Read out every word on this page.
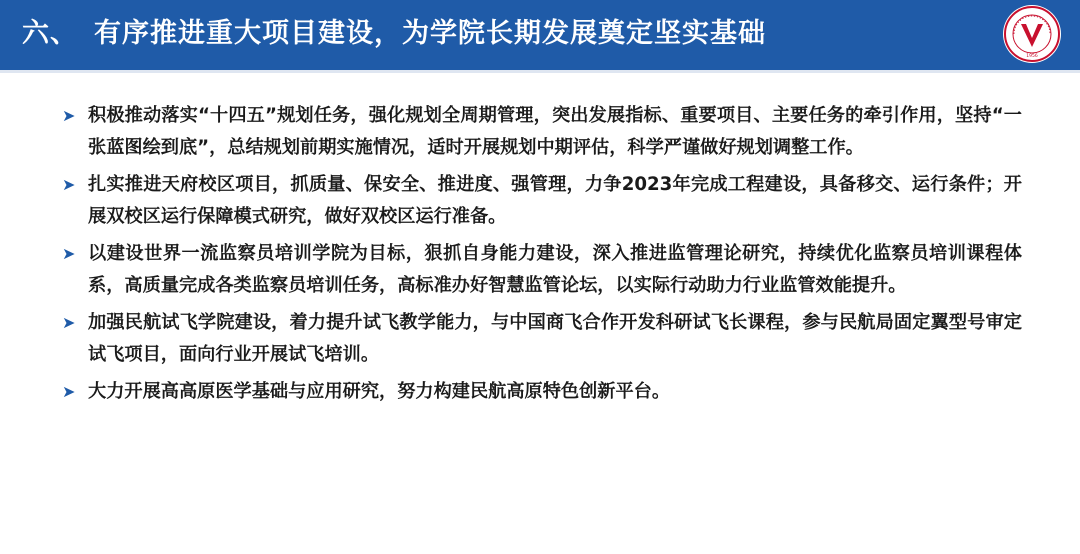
六、 有序推进重大项目建设，为学院长期发展奠定坚实基础
1956
➤ 积极推动落实“十四五”规划任务，强化规划全周期管理，突出发展指标、重要项目、主要任务的牵引作用，坚持“一张蓝图绘到底”，总结规划前期实施情况，适时开展规划中期评估，科学严谨做好规划调整工作。
➤ 扎实推进天府校区项目，抓质量、保安全、推进度、强管理，力争2023年完成工程建设，具备移交、运行条件；开展双校区运行保障模式研究，做好双校区运行准备。
➤ 以建设世界一流监察员培训学院为目标，狠抓自身能力建设，深入推进监管理论研究，持续优化监察员培训课程体系，高质量完成各类监察员培训任务，高标准办好智慧监管论坛，以实际行动助力行业监管效能提升。
➤ 加强民航试飞学院建设，着力提升试飞教学能力，与中国商飞合作开发科研试飞长课程，参与民航局固定翼型号审定试飞项目，面向行业开展试飞培训。
➤ 大力开展高高原医学基础与应用研究，努力构建民航高原特色创新平台。
